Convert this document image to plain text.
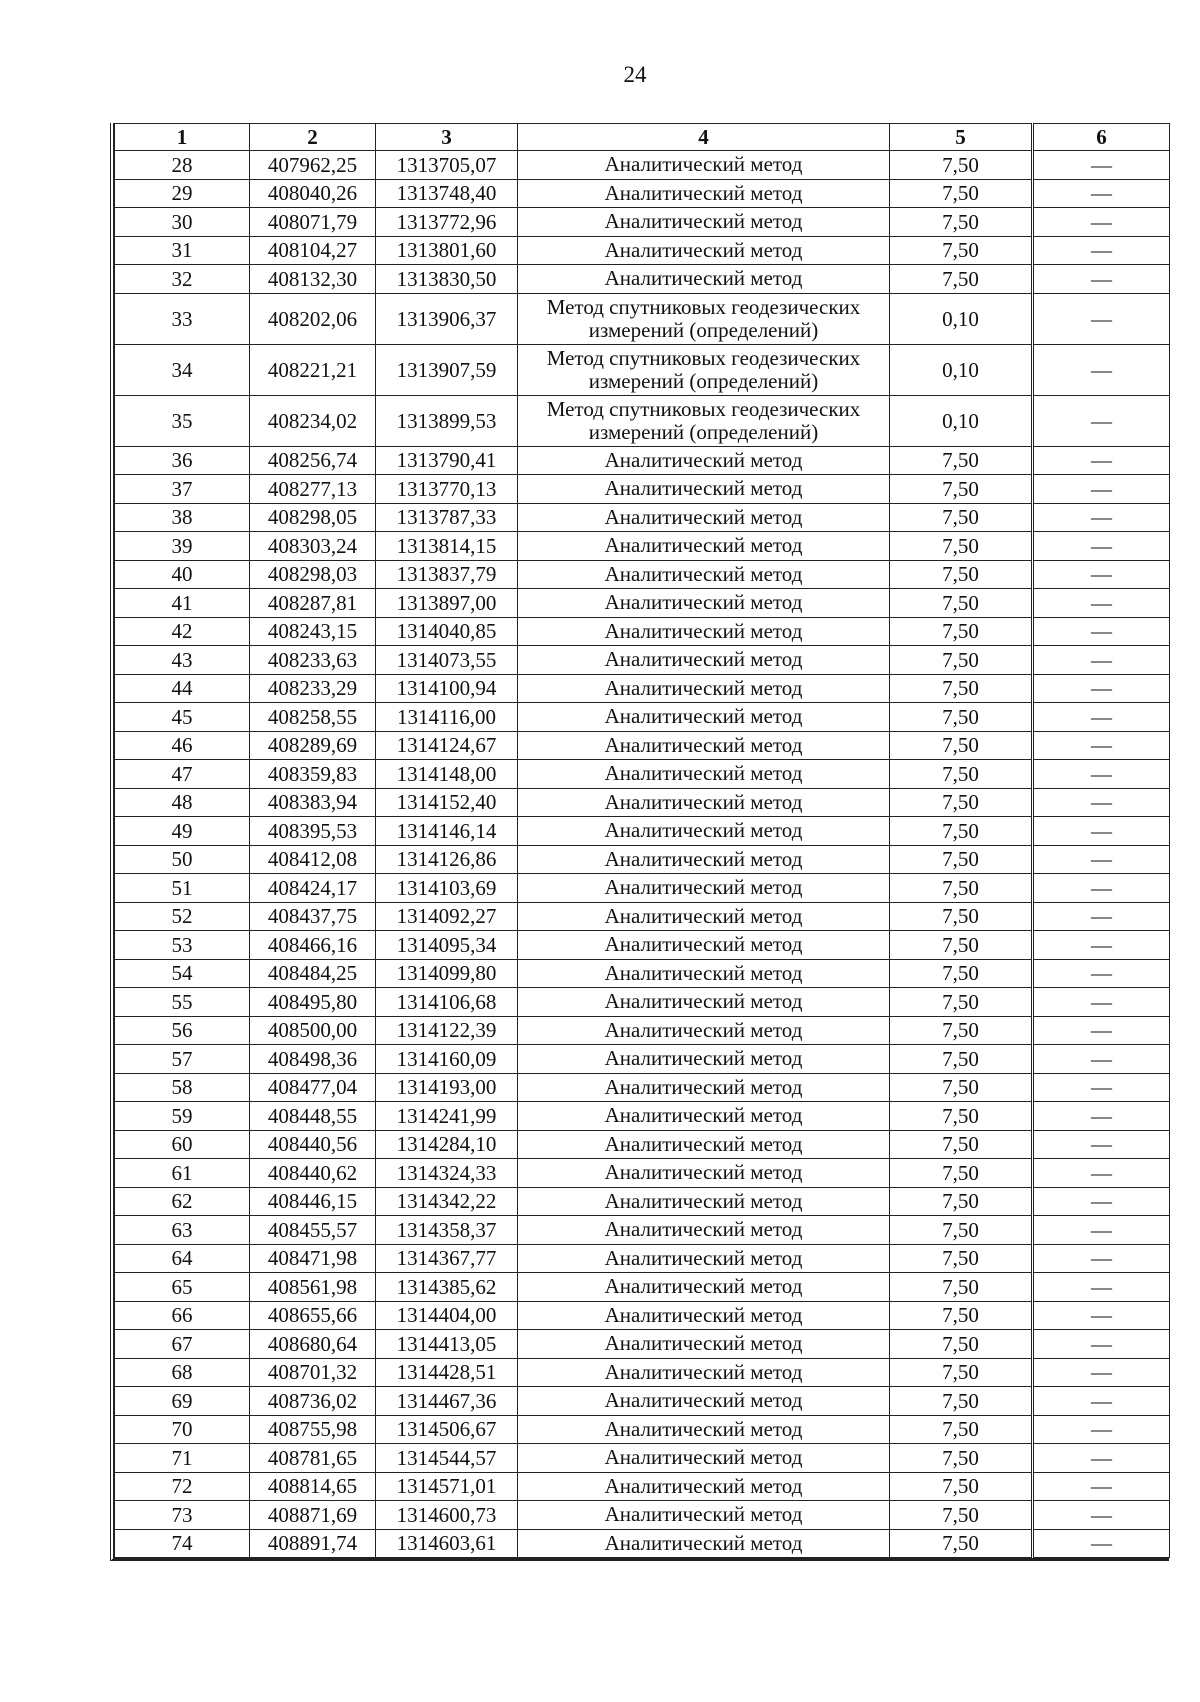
24
1	2	3	4	5	6
28	407962,25	1313705,07	Аналитический метод	7,50	—
29	408040,26	1313748,40	Аналитический метод	7,50	—
30	408071,79	1313772,96	Аналитический метод	7,50	—
31	408104,27	1313801,60	Аналитический метод	7,50	—
32	408132,30	1313830,50	Аналитический метод	7,50	—
33	408202,06	1313906,37	Метод спутниковых геодезических измерений (определений)	0,10	—
34	408221,21	1313907,59	Метод спутниковых геодезических измерений (определений)	0,10	—
35	408234,02	1313899,53	Метод спутниковых геодезических измерений (определений)	0,10	—
36	408256,74	1313790,41	Аналитический метод	7,50	—
37	408277,13	1313770,13	Аналитический метод	7,50	—
38	408298,05	1313787,33	Аналитический метод	7,50	—
39	408303,24	1313814,15	Аналитический метод	7,50	—
40	408298,03	1313837,79	Аналитический метод	7,50	—
41	408287,81	1313897,00	Аналитический метод	7,50	—
42	408243,15	1314040,85	Аналитический метод	7,50	—
43	408233,63	1314073,55	Аналитический метод	7,50	—
44	408233,29	1314100,94	Аналитический метод	7,50	—
45	408258,55	1314116,00	Аналитический метод	7,50	—
46	408289,69	1314124,67	Аналитический метод	7,50	—
47	408359,83	1314148,00	Аналитический метод	7,50	—
48	408383,94	1314152,40	Аналитический метод	7,50	—
49	408395,53	1314146,14	Аналитический метод	7,50	—
50	408412,08	1314126,86	Аналитический метод	7,50	—
51	408424,17	1314103,69	Аналитический метод	7,50	—
52	408437,75	1314092,27	Аналитический метод	7,50	—
53	408466,16	1314095,34	Аналитический метод	7,50	—
54	408484,25	1314099,80	Аналитический метод	7,50	—
55	408495,80	1314106,68	Аналитический метод	7,50	—
56	408500,00	1314122,39	Аналитический метод	7,50	—
57	408498,36	1314160,09	Аналитический метод	7,50	—
58	408477,04	1314193,00	Аналитический метод	7,50	—
59	408448,55	1314241,99	Аналитический метод	7,50	—
60	408440,56	1314284,10	Аналитический метод	7,50	—
61	408440,62	1314324,33	Аналитический метод	7,50	—
62	408446,15	1314342,22	Аналитический метод	7,50	—
63	408455,57	1314358,37	Аналитический метод	7,50	—
64	408471,98	1314367,77	Аналитический метод	7,50	—
65	408561,98	1314385,62	Аналитический метод	7,50	—
66	408655,66	1314404,00	Аналитический метод	7,50	—
67	408680,64	1314413,05	Аналитический метод	7,50	—
68	408701,32	1314428,51	Аналитический метод	7,50	—
69	408736,02	1314467,36	Аналитический метод	7,50	—
70	408755,98	1314506,67	Аналитический метод	7,50	—
71	408781,65	1314544,57	Аналитический метод	7,50	—
72	408814,65	1314571,01	Аналитический метод	7,50	—
73	408871,69	1314600,73	Аналитический метод	7,50	—
74	408891,74	1314603,61	Аналитический метод	7,50	—
